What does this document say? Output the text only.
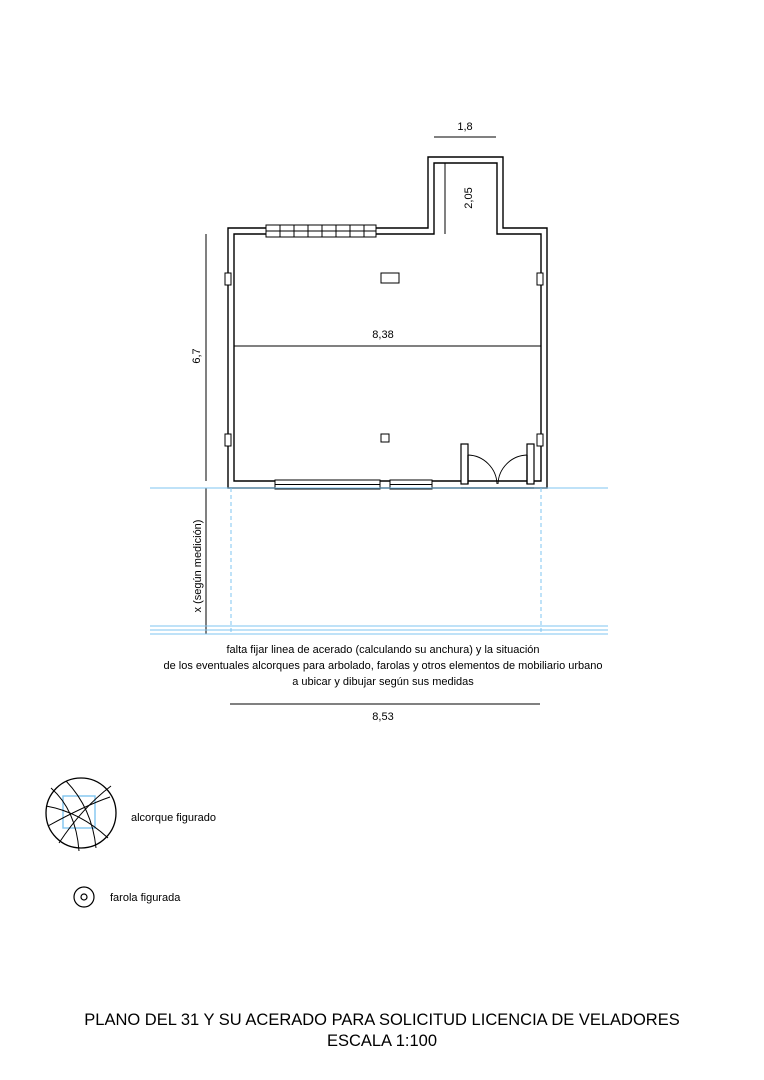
1,8
2,05
6,7
8,38
x (según medición)
8,53
falta fijar linea de acerado (calculando su anchura) y la situación
de los eventuales alcorques para arbolado, farolas y otros elementos de mobiliario urbano
a ubicar y dibujar según sus medidas
alcorque figurado
farola figurada
PLANO DEL 31 Y SU ACERADO PARA SOLICITUD LICENCIA DE VELADORES
ESCALA 1:100
